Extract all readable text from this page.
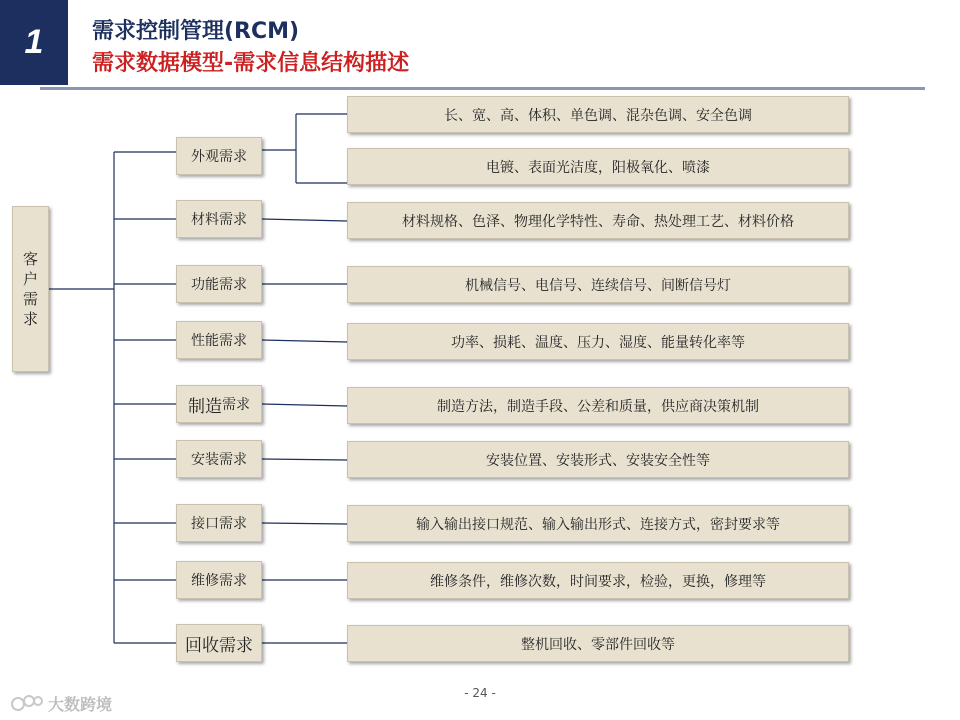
1	需求控制管理(RCM)
需求数据模型-需求信息结构描述
客
户
需
求
外观需求
材料需求
功能需求
性能需求
制造 需求
安装需求
接口需求
维修需求
回收需求
长、宽、高、体积、单色调、混杂色调、安全色调
电镀、表面光洁度，阳极氧化、喷漆
材料规格、色泽、物理化学特性、寿命、热处理工艺、材料价格
机械信号、电信号、连续信号、间断信号灯
功率、损耗、温度、压力、湿度、能量转化率等
制造方法，制造手段、公差和质量，供应商决策机制
安装位置、安装形式、安装安全性等
输入输出接口规范、输入输出形式、连接方式，密封要求等
维修条件，维修次数，时间要求，检验，更换，修理等
整机回收、零部件回收等
- 24 -
大数跨境
